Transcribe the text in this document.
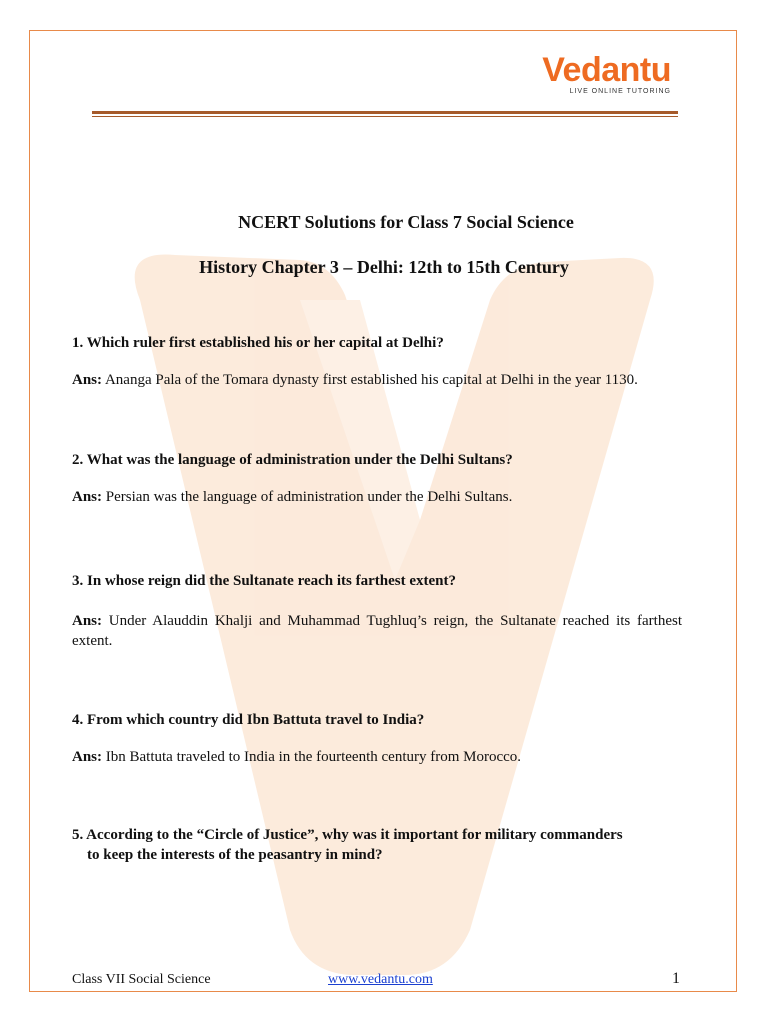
Vedantu
LIVE ONLINE TUTORING
NCERT Solutions for Class 7 Social Science
History Chapter 3 – Delhi: 12th to 15th Century
1. Which ruler first established his or her capital at Delhi?
Ans: Ananga Pala of the Tomara dynasty first established his capital at Delhi in the year 1130.
2. What was the language of administration under the Delhi Sultans?
Ans: Persian was the language of administration under the Delhi Sultans.
3. In whose reign did the Sultanate reach its farthest extent?
Ans: Under Alauddin Khalji and Muhammad Tughluq’s reign, the Sultanate reached its farthest extent.
4. From which country did Ibn Battuta travel to India?
Ans: Ibn Battuta traveled to India in the fourteenth century from Morocco.
5. According to the “Circle of Justice”, why was it important for military commanders
to keep the interests of the peasantry in mind?
Class VII Social Science	www.vedantu.com	1
